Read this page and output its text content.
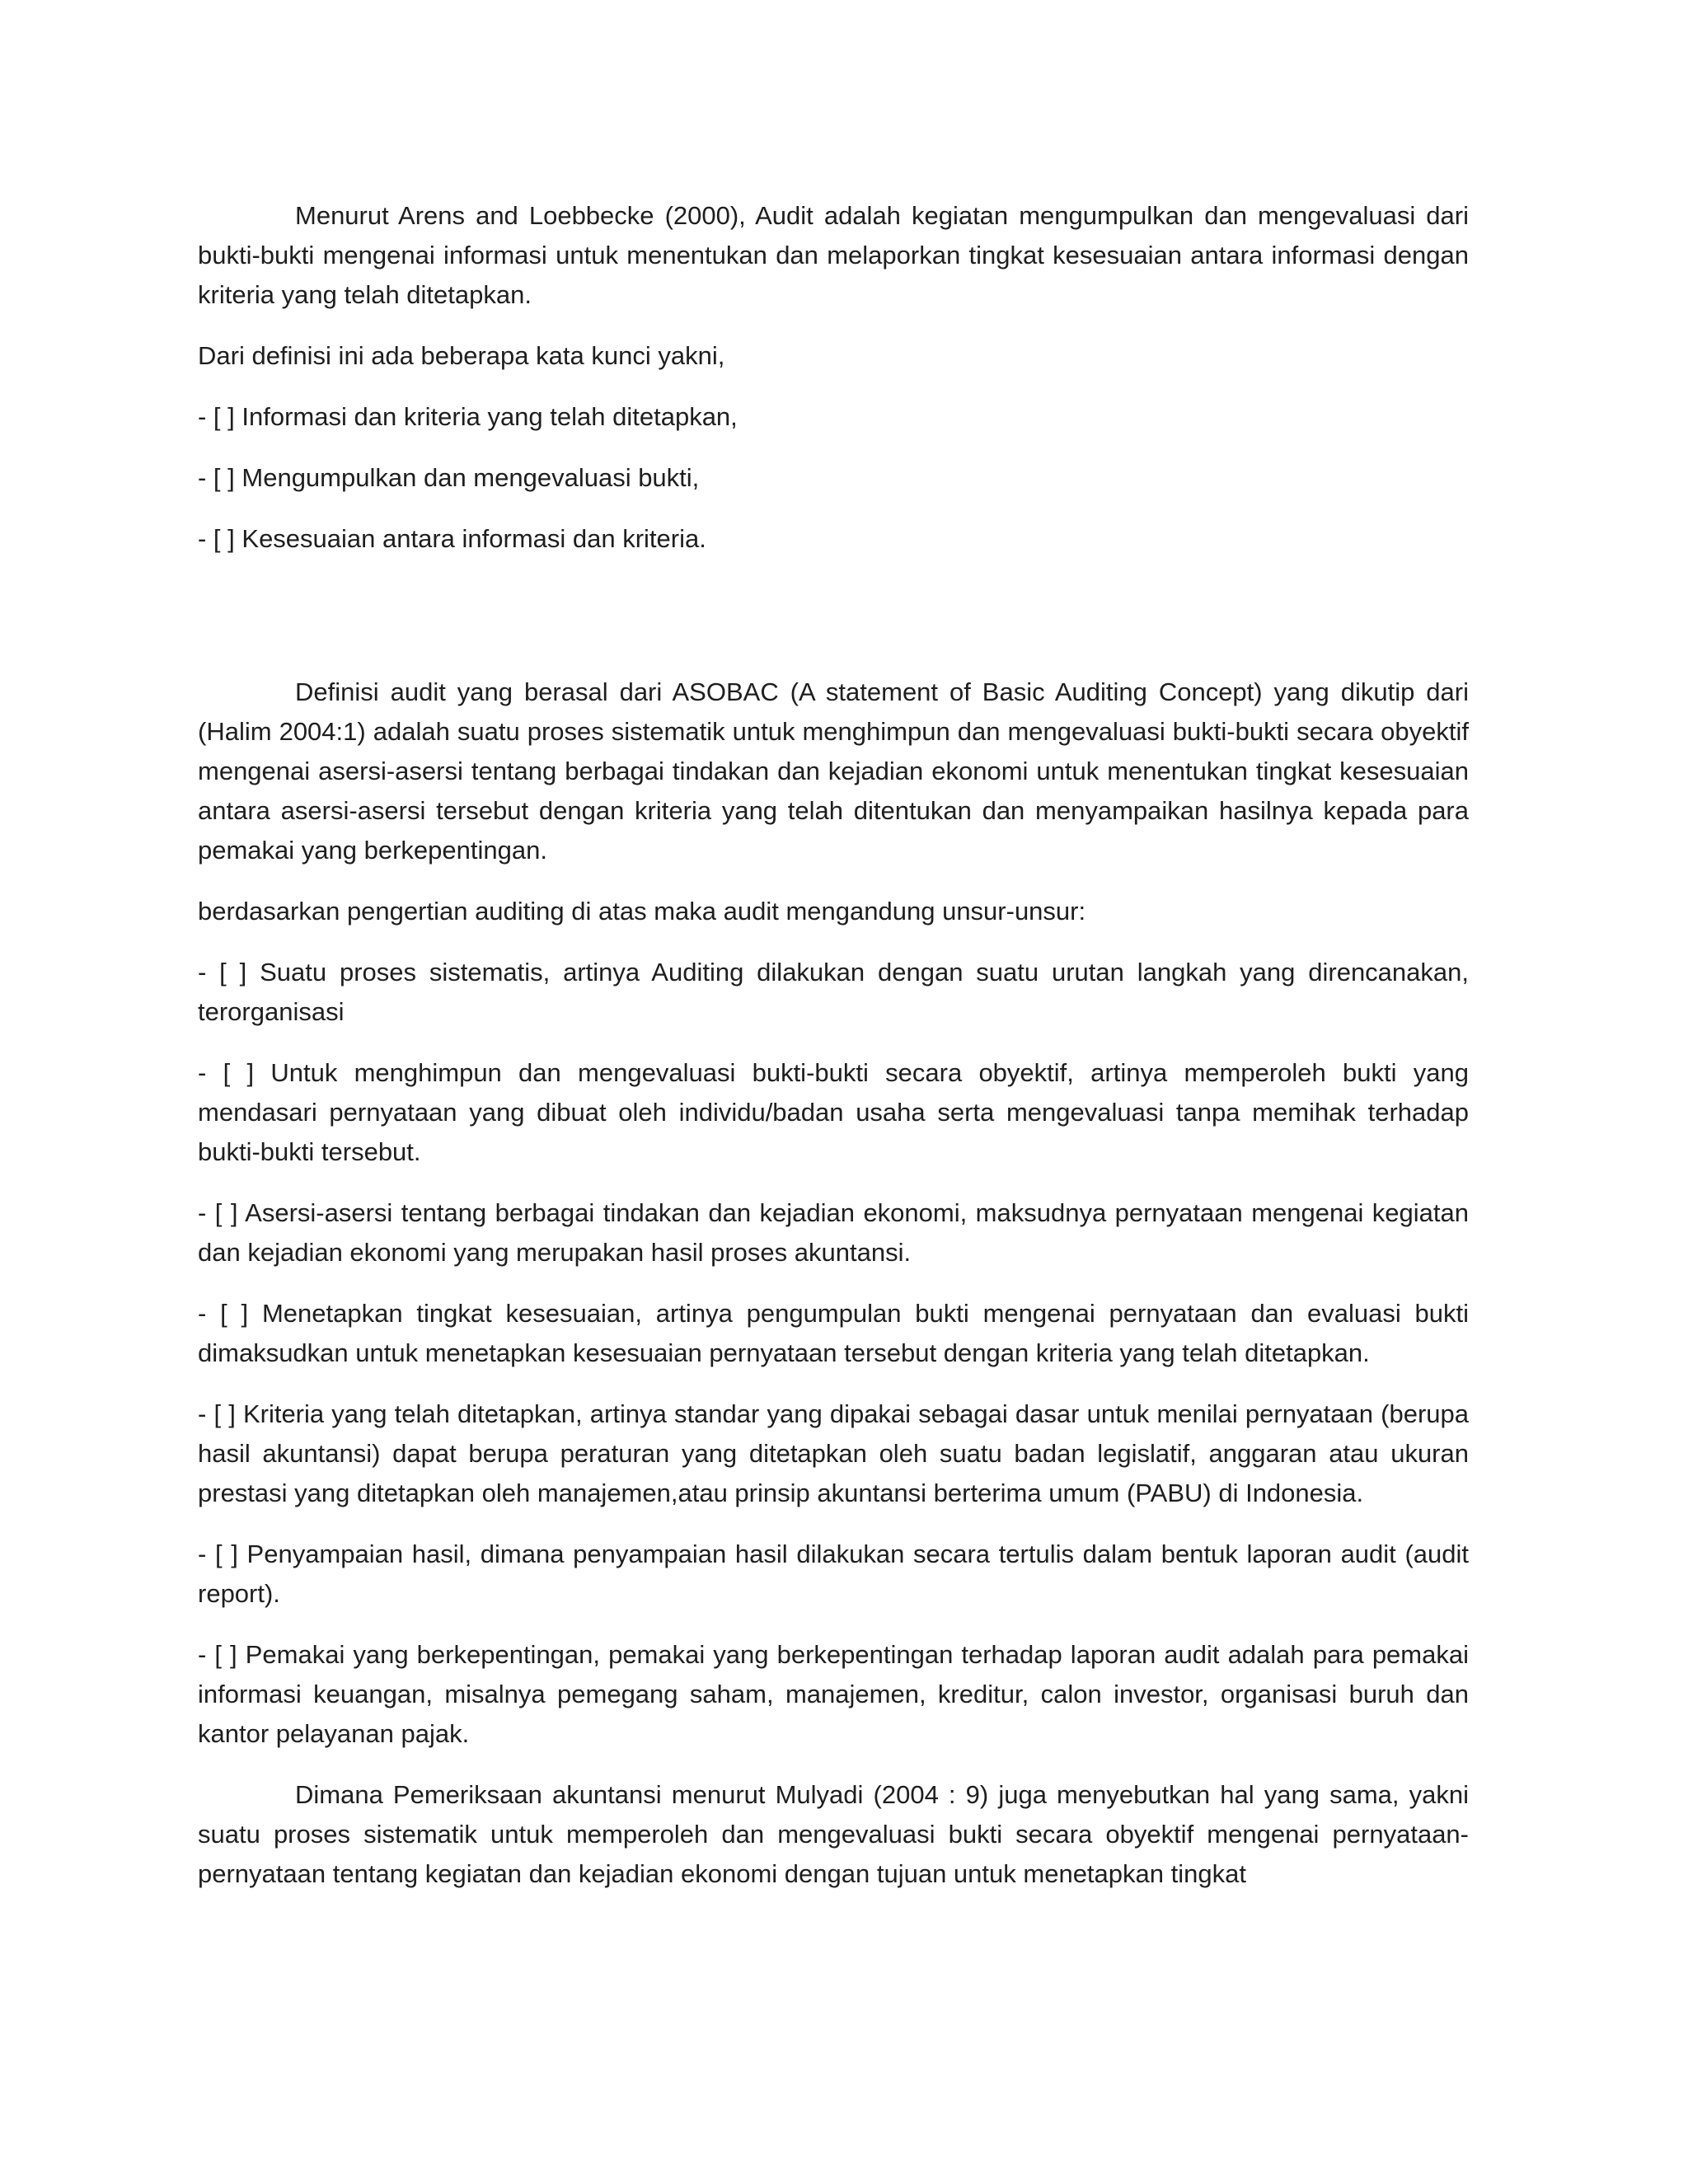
Menurut Arens and Loebbecke (2000), Audit adalah kegiatan mengumpulkan dan mengevaluasi dari bukti-bukti mengenai informasi untuk menentukan dan melaporkan tingkat kesesuaian antara informasi dengan kriteria yang telah ditetapkan.

Dari definisi ini ada beberapa kata kunci yakni,

- [ ] Informasi dan kriteria yang telah ditetapkan,

- [ ] Mengumpulkan dan mengevaluasi bukti,

- [ ] Kesesuaian antara informasi dan kriteria.

Definisi audit yang berasal dari ASOBAC (A statement of Basic Auditing Concept) yang dikutip dari (Halim 2004:1) adalah suatu proses sistematik untuk menghimpun dan mengevaluasi bukti-bukti secara obyektif mengenai asersi-asersi tentang berbagai tindakan dan kejadian ekonomi untuk menentukan tingkat kesesuaian antara asersi-asersi tersebut dengan kriteria yang telah ditentukan dan menyampaikan hasilnya kepada para pemakai yang berkepentingan.

berdasarkan pengertian auditing di atas maka audit mengandung unsur-unsur:

- [ ] Suatu proses sistematis, artinya Auditing dilakukan dengan suatu urutan langkah yang direncanakan, terorganisasi

- [ ] Untuk menghimpun dan mengevaluasi bukti-bukti secara obyektif, artinya memperoleh bukti yang mendasari pernyataan yang dibuat oleh individu/badan usaha serta mengevaluasi tanpa memihak terhadap bukti-bukti tersebut.

- [ ] Asersi-asersi tentang berbagai tindakan dan kejadian ekonomi, maksudnya pernyataan mengenai kegiatan dan kejadian ekonomi yang merupakan hasil proses akuntansi.

- [ ] Menetapkan tingkat kesesuaian, artinya pengumpulan bukti mengenai pernyataan dan evaluasi bukti dimaksudkan untuk menetapkan kesesuaian pernyataan tersebut dengan kriteria yang telah ditetapkan.

- [ ] Kriteria yang telah ditetapkan, artinya standar yang dipakai sebagai dasar untuk menilai pernyataan (berupa hasil akuntansi) dapat berupa peraturan yang ditetapkan oleh suatu badan legislatif, anggaran atau ukuran prestasi yang ditetapkan oleh manajemen,atau prinsip akuntansi berterima umum (PABU) di Indonesia.

- [ ] Penyampaian hasil, dimana penyampaian hasil dilakukan secara tertulis dalam bentuk laporan audit (audit report).

- [ ] Pemakai yang berkepentingan, pemakai yang berkepentingan terhadap laporan audit adalah para pemakai informasi keuangan, misalnya pemegang saham, manajemen, kreditur, calon investor, organisasi buruh dan kantor pelayanan pajak.

Dimana Pemeriksaan akuntansi menurut Mulyadi (2004 : 9) juga menyebutkan hal yang sama, yakni suatu proses sistematik untuk memperoleh dan mengevaluasi bukti secara obyektif mengenai pernyataan-pernyataan tentang kegiatan dan kejadian ekonomi dengan tujuan untuk menetapkan tingkat
